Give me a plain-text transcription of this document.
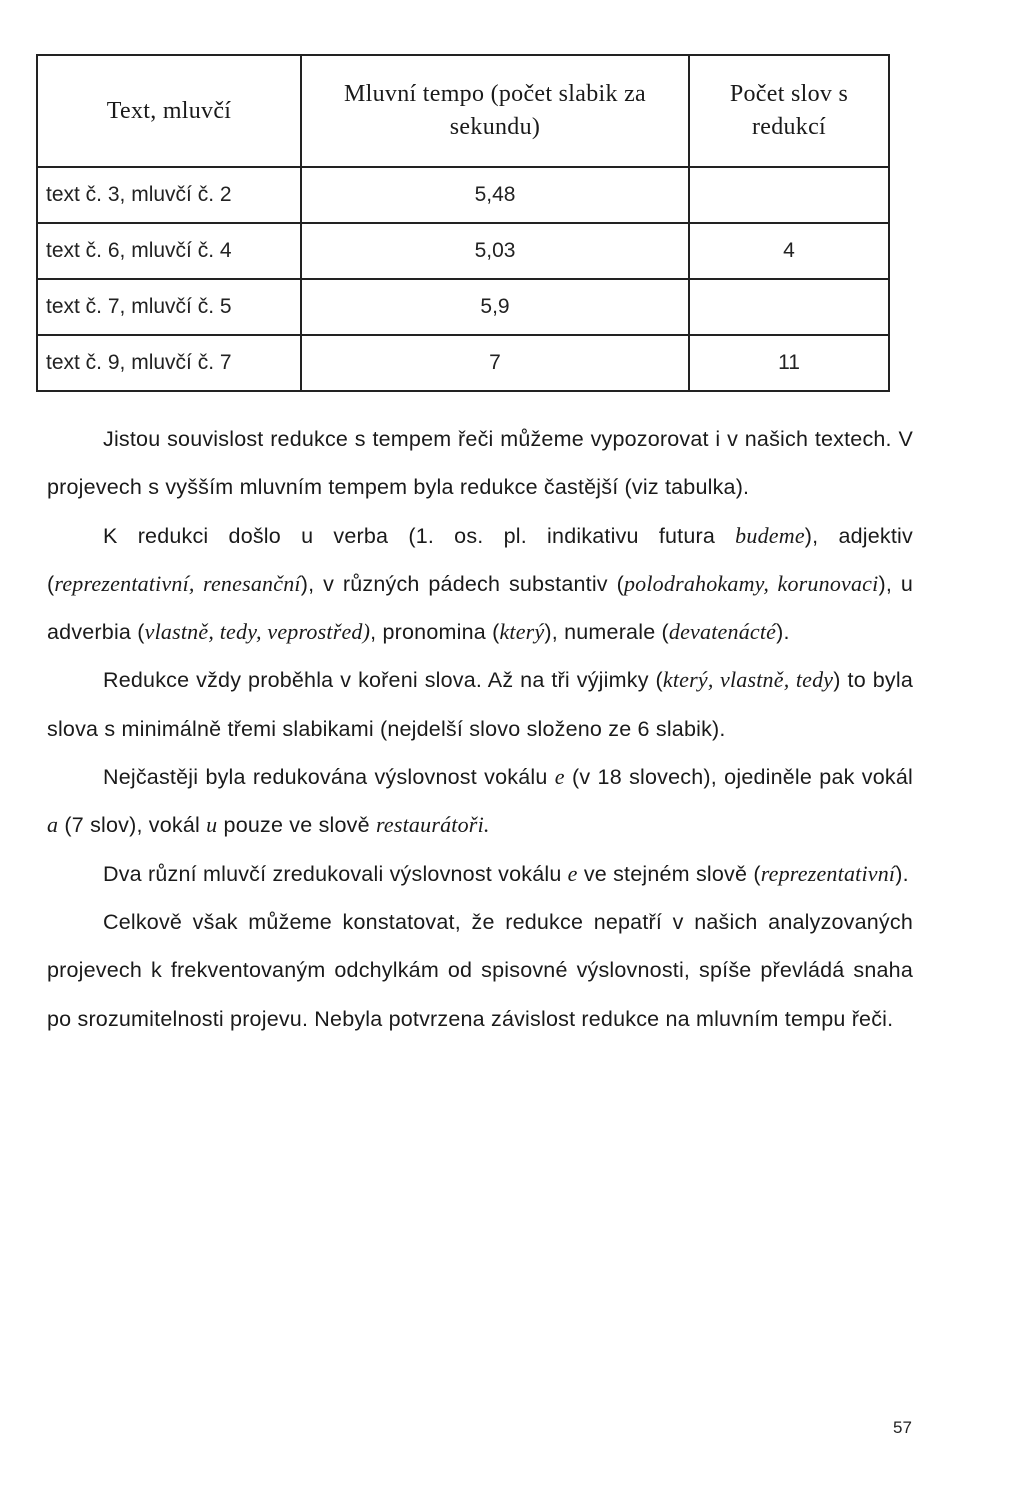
Text, mluvčí	Mluvní tempo (počet slabik za sekundu)	Počet slov s redukcí
text č. 3, mluvčí č. 2	5,48	
text č. 6, mluvčí č. 4	5,03	4
text č. 7, mluvčí č. 5	5,9	
text č. 9, mluvčí č. 7	7	11

Jistou souvislost redukce s tempem řeči můžeme vypozorovat i v našich textech. V projevech s vyšším mluvním tempem byla redukce častější (viz tabulka).

K redukci došlo u verba (1. os. pl. indikativu futura budeme), adjektiv (reprezentativní, renesanční), v různých pádech substantiv (polodrahokamy, korunovaci), u adverbia (vlastně, tedy, veprostřed), pronomina (který), numerale (devatenácté).

Redukce vždy proběhla v kořeni slova. Až na tři výjimky (který, vlastně, tedy) to byla slova s minimálně třemi slabikami (nejdelší slovo složeno ze 6 slabik).

Nejčastěji byla redukována výslovnost vokálu e (v 18 slovech), ojediněle pak vokál a (7 slov), vokál u pouze ve slově restaurátoři.

Dva různí mluvčí zredukovali výslovnost vokálu e ve stejném slově (reprezentativní).

Celkově však můžeme konstatovat, že redukce nepatří v našich analyzovaných projevech k frekventovaným odchylkám od spisovné výslovnosti, spíše převládá snaha po srozumitelnosti projevu. Nebyla potvrzena závislost redukce na mluvním tempu řeči.

57
